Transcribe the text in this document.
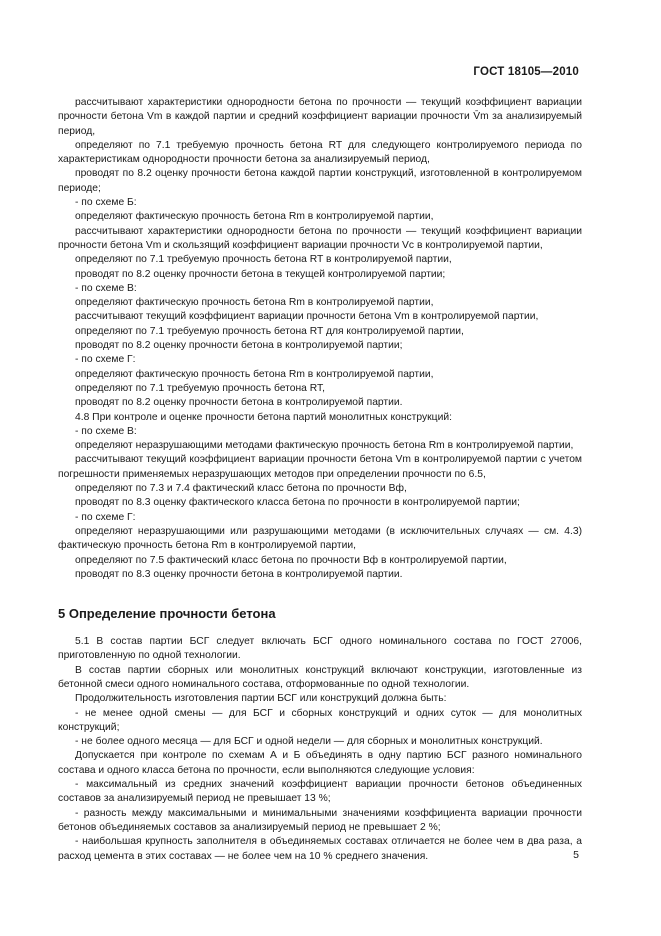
ГОСТ 18105—2010

рассчитывают характеристики однородности бетона по прочности — текущий коэффициент вариации прочности бетона Vm в каждой партии и средний коэффициент вариации прочности V̄m за анализируемый период,

определяют по 7.1 требуемую прочность бетона RT для следующего контролируемого периода по характеристикам однородности прочности бетона за анализируемый период,

проводят по 8.2 оценку прочности бетона каждой партии конструкций, изготовленной в контролируемом периоде;

- по схеме Б:

определяют фактическую прочность бетона Rm в контролируемой партии,

рассчитывают характеристики однородности бетона по прочности — текущий коэффициент вариации прочности бетона Vm и скользящий коэффициент вариации прочности Vc в контролируемой партии,

определяют по 7.1 требуемую прочность бетона RT в контролируемой партии,

проводят по 8.2 оценку прочности бетона в текущей контролируемой партии;

- по схеме В:

определяют фактическую прочность бетона Rm в контролируемой партии,

рассчитывают текущий коэффициент вариации прочности бетона Vm в контролируемой партии,

определяют по 7.1 требуемую прочность бетона RT для контролируемой партии,

проводят по 8.2 оценку прочности бетона в контролируемой партии;

- по схеме Г:

определяют фактическую прочность бетона Rm в контролируемой партии,

определяют по 7.1 требуемую прочность бетона RT,

проводят по 8.2 оценку прочности бетона в контролируемой партии.

4.8 При контроле и оценке прочности бетона партий монолитных конструкций:

- по схеме В:

определяют неразрушающими методами фактическую прочность бетона Rm в контролируемой партии,

рассчитывают текущий коэффициент вариации прочности бетона Vm в контролируемой партии с учетом погрешности применяемых неразрушающих методов при определении прочности по 6.5,

определяют по 7.3 и 7.4 фактический класс бетона по прочности Bф,

проводят по 8.3 оценку фактического класса бетона по прочности в контролируемой партии;

- по схеме Г:

определяют неразрушающими или разрушающими методами (в исключительных случаях — см. 4.3) фактическую прочность бетона Rm в контролируемой партии,

определяют по 7.5 фактический класс бетона по прочности Bф в контролируемой партии,

проводят по 8.3 оценку прочности бетона в контролируемой партии.

5 Определение прочности бетона

5.1 В состав партии БСГ следует включать БСГ одного номинального состава по ГОСТ 27006, приготовленную по одной технологии.

В состав партии сборных или монолитных конструкций включают конструкции, изготовленные из бетонной смеси одного номинального состава, отформованные по одной технологии.

Продолжительность изготовления партии БСГ или конструкций должна быть:

- не менее одной смены — для БСГ и сборных конструкций и одних суток — для монолитных конструкций;

- не более одного месяца — для БСГ и одной недели — для сборных и монолитных конструкций.

Допускается при контроле по схемам А и Б объединять в одну партию БСГ разного номинального состава и одного класса бетона по прочности, если выполняются следующие условия:

- максимальный из средних значений коэффициент вариации прочности бетонов объединенных составов за анализируемый период не превышает 13 %;

- разность между максимальными и минимальными значениями коэффициента вариации прочности бетонов объединяемых составов за анализируемый период не превышает 2 %;

- наибольшая крупность заполнителя в объединяемых составах отличается не более чем в два раза, а расход цемента в этих составах — не более чем на 10 % среднего значения.	5
